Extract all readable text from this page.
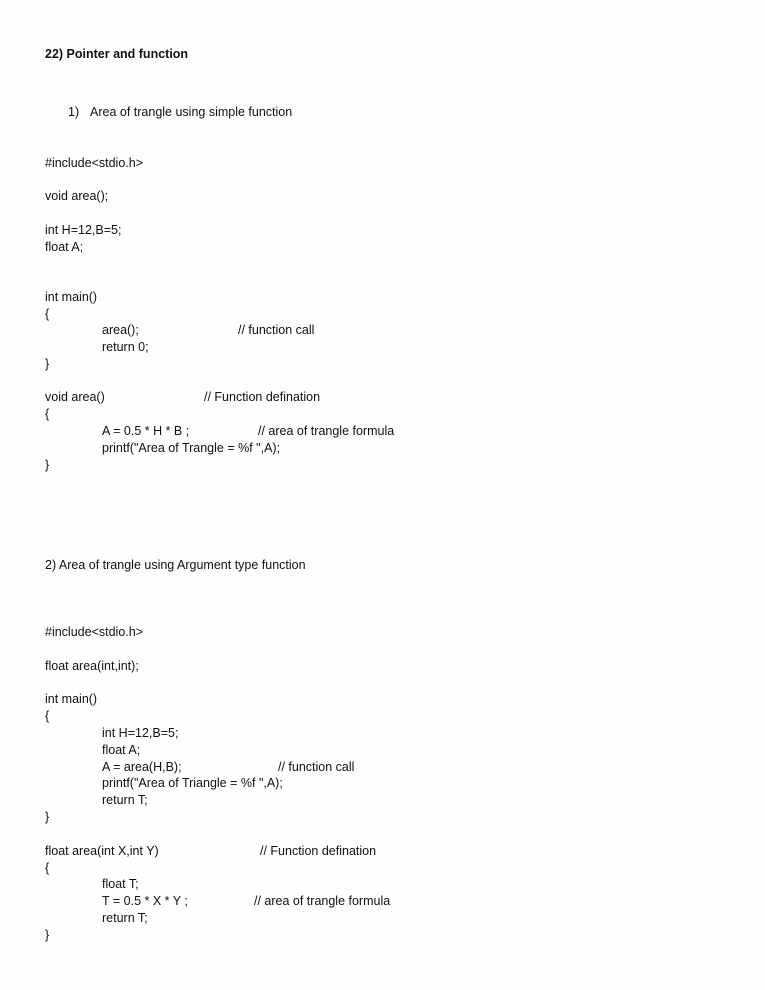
22) Pointer and function
1) Area of trangle using simple function
#include<stdio.h>
void area();
int H=12,B=5;
float A;
int main()
{
area();	// function call
return 0;
}
void area()	// Function defination
{
A = 0.5 * H * B ;	// area of trangle formula
printf("Area of Trangle = %f ",A);
}
2) Area of trangle using Argument type function
#include<stdio.h>
float area(int,int);
int main()
{
int H=12,B=5;
float A;
A = area(H,B);	// function call
printf("Area of Triangle = %f ",A);
return T;
}
float area(int X,int Y)	// Function defination
{
float T;
T = 0.5 * X * Y ;	// area of trangle formula
return T;
}
